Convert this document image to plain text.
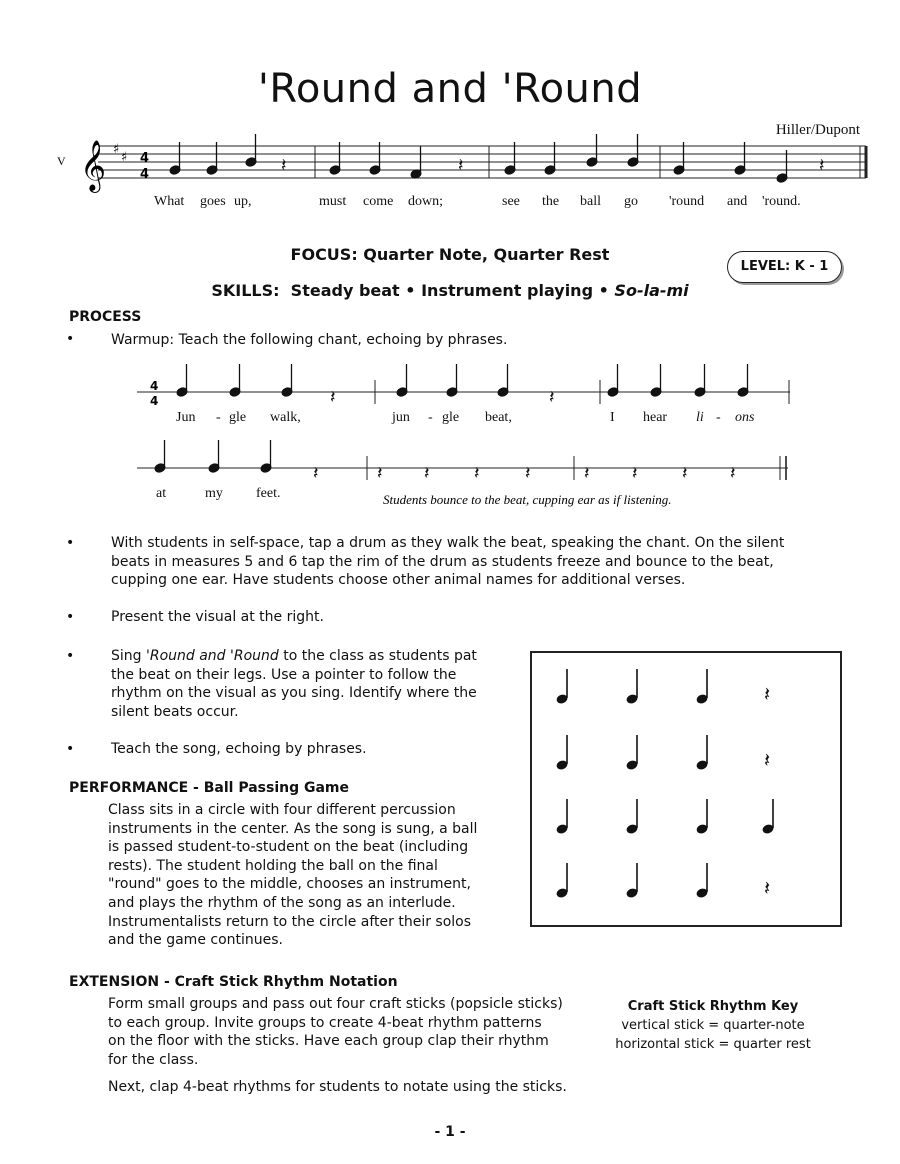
'Round and 'Round
Hiller/Dupont
V 𝄞 ♯
♯ 4
4	𝄽	𝄽	𝄽
What goes up,	must come down;	see the ball go 'round and 'round.
4
4	𝄽	𝄽
Jun - gle walk,	jun - gle beat,	I hear li - ons
𝄽	𝄽 𝄽 𝄽	𝄽	𝄽 𝄽 𝄽 𝄽
at	my feet.	Students bounce to the beat, cupping ear as if listening.
FOCUS: Quarter Note, Quarter Rest
LEVEL: K - 1
SKILLS: Steady beat • Instrument playing • So-la-mi
PROCESS
•	Warmup: Teach the following chant, echoing by phrases.
•	With students in self-space, tap a drum as they walk the beat, speaking the chant. On the silent
beats in measures 5 and 6 tap the rim of the drum as students freeze and bounce to the beat,
cupping one ear. Have students choose other animal names for additional verses.
•	Present the visual at the right.
•	Sing 'Round and 'Round to the class as students pat
the beat on their legs. Use a pointer to follow the
rhythm on the visual as you sing. Identify where the
silent beats occur.
•	Teach the song, echoing by phrases.
PERFORMANCE - Ball Passing Game
Class sits in a circle with four different percussion
instruments in the center. As the song is sung, a ball
is passed student-to-student on the beat (including
rests). The student holding the ball on the final
"round" goes to the middle, chooses an instrument,
and plays the rhythm of the song as an interlude.
Instrumentalists return to the circle after their solos
and the game continues.
𝄽
𝄽
𝄽
EXTENSION - Craft Stick Rhythm Notation
Form small groups and pass out four craft sticks (popsicle sticks)
to each group. Invite groups to create 4-beat rhythm patterns
on the floor with the sticks. Have each group clap their rhythm
for the class.
Next, clap 4-beat rhythms for students to notate using the sticks.
Craft Stick Rhythm Key
vertical stick = quarter-note
horizontal stick = quarter rest
- 1 -
